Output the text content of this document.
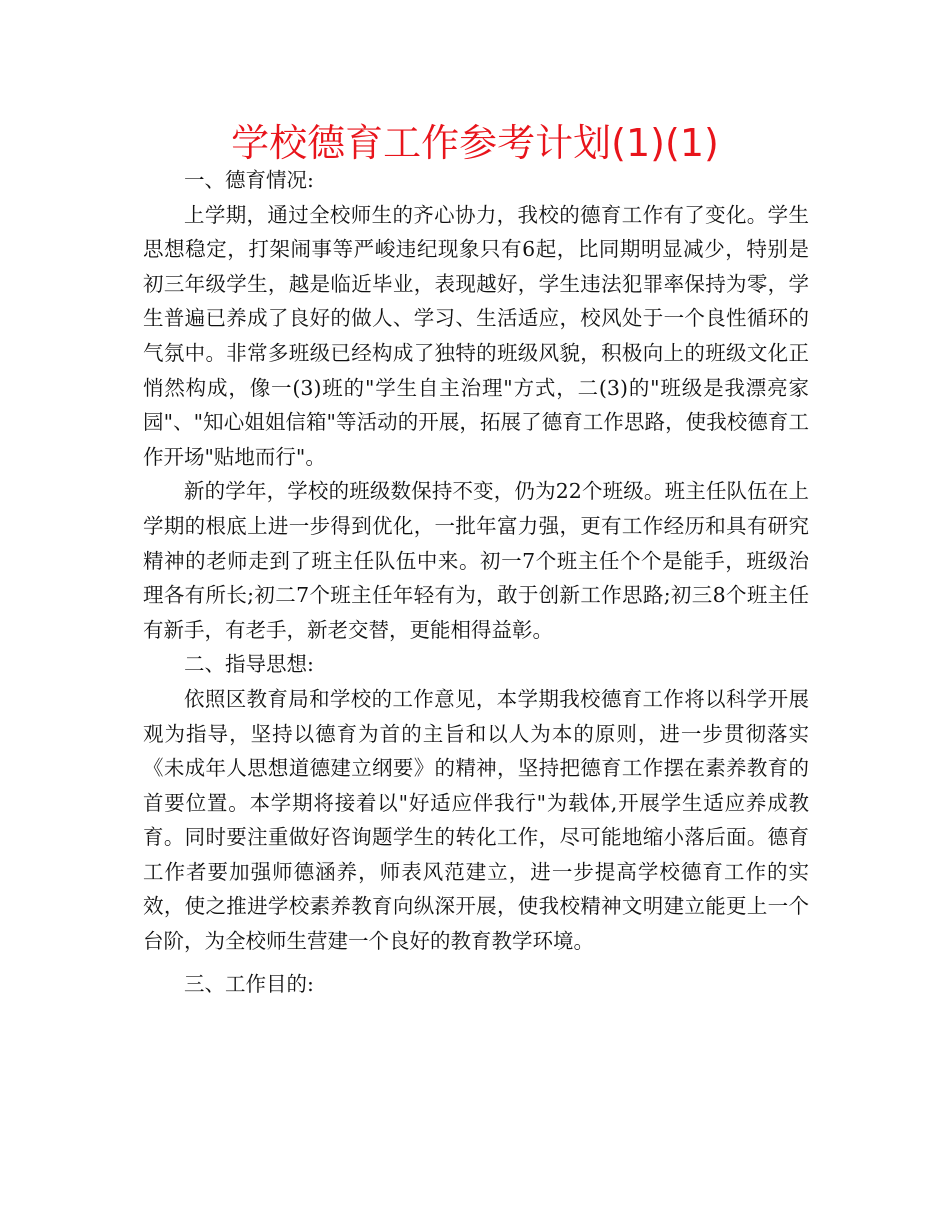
学校德育工作参考计划(1)(1)

一、德育情况:

上学期，通过全校师生的齐心协力，我校的德育工作有了变化。学生思想稳定，打架闹事等严峻违纪现象只有6起，比同期明显减少，特别是初三年级学生，越是临近毕业，表现越好，学生违法犯罪率保持为零，学生普遍已养成了良好的做人、学习、生活适应，校风处于一个良性循环的气氛中。非常多班级已经构成了独特的班级风貌，积极向上的班级文化正悄然构成，像一(3)班的"学生自主治理"方式，二(3)的"班级是我漂亮家园"、"知心姐姐信箱"等活动的开展，拓展了德育工作思路，使我校德育工作开场"贴地而行"。

新的学年，学校的班级数保持不变，仍为22个班级。班主任队伍在上学期的根底上进一步得到优化，一批年富力强，更有工作经历和具有研究精神的老师走到了班主任队伍中来。初一7个班主任个个是能手，班级治理各有所长;初二7个班主任年轻有为，敢于创新工作思路;初三8个班主任有新手，有老手，新老交替，更能相得益彰。

二、指导思想:

依照区教育局和学校的工作意见，本学期我校德育工作将以科学开展观为指导，坚持以德育为首的主旨和以人为本的原则，进一步贯彻落实《未成年人思想道德建立纲要》的精神，坚持把德育工作摆在素养教育的首要位置。本学期将接着以"好适应伴我行"为载体,开展学生适应养成教育。同时要注重做好咨询题学生的转化工作，尽可能地缩小落后面。德育工作者要加强师德涵养，师表风范建立，进一步提高学校德育工作的实效，使之推进学校素养教育向纵深开展，使我校精神文明建立能更上一个台阶，为全校师生营建一个良好的教育教学环境。

三、工作目的:
